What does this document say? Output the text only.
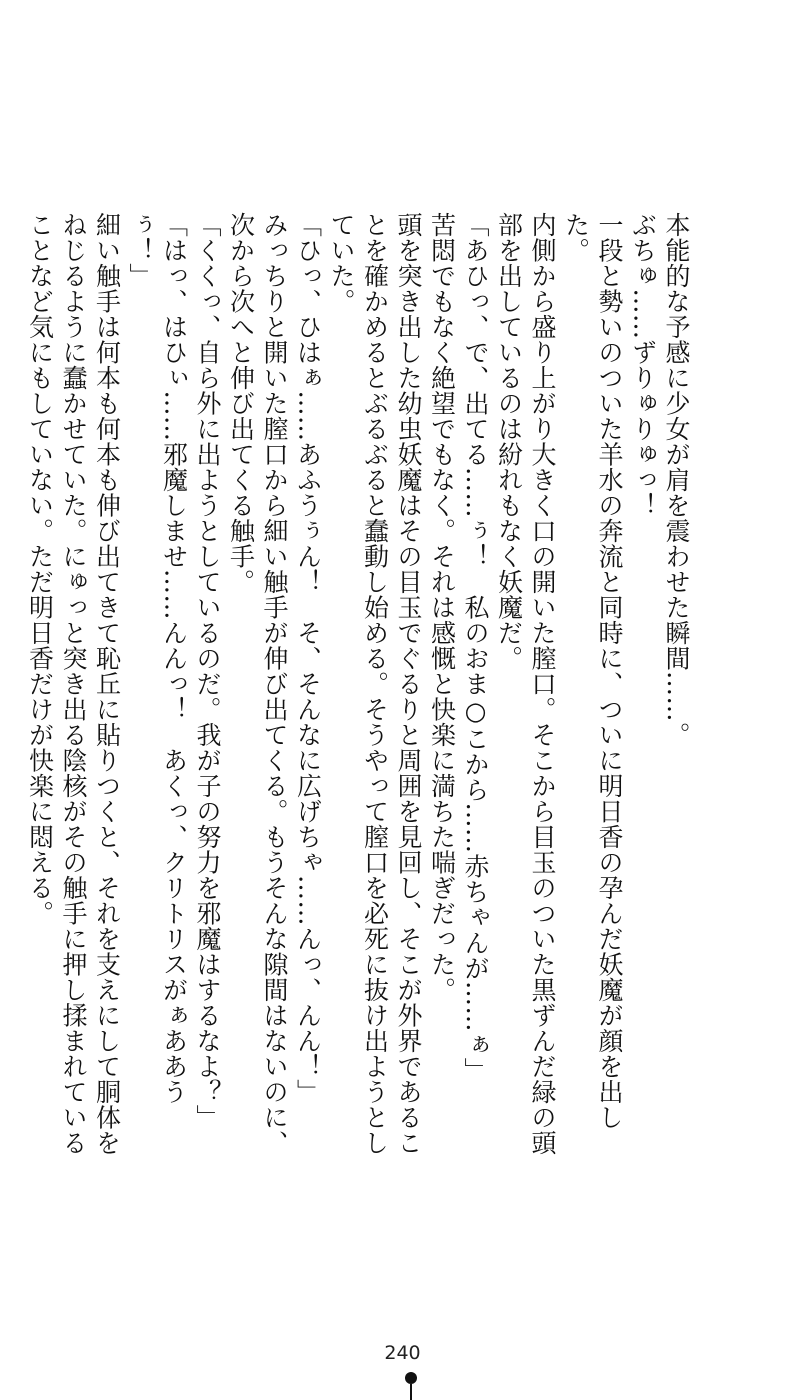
本能的な予感に少女が肩を震わせた瞬間……。
ぶちゅ……ずりゅりゅっ！
一段と勢いのついた羊水の奔流と同時に、ついに明日香の孕んだ妖魔が顔を出した。
内側から盛り上がり大きく口の開いた膣口。そこから目玉のついた黒ずんだ緑の頭部を出しているのは紛れもなく妖魔だ。
「あひっ、で、出てる……ぅ！　私のおま○こから……赤ちゃんが……ぁ」
苦悶でもなく絶望でもなく。それは感慨と快楽に満ちた喘ぎだった。
頭を突き出した幼虫妖魔はその目玉でぐるりと周囲を見回し、そこが外界であることを確かめるとぶるぶると蠢動し始める。そうやって膣口を必死に抜け出ようとしていた。
「ひっ、ひはぁ……あふうぅん！　そ、そんなに広げちゃ……んっ、んん！」
みっちりと開いた膣口から細い触手が伸び出てくる。もうそんな隙間はないのに、次から次へと伸び出てくる触手。
「くくっ、自ら外に出ようとしているのだ。我が子の努力を邪魔はするなよ？」
「はっ、はひぃ……邪魔しませ……んんっ！　あくっ、クリトリスがぁああうぅ！」
細い触手は何本も何本も伸び出てきて恥丘に貼りつくと、それを支えにして胴体をねじるように蠢かせていた。にゅっと突き出る陰核がその触手に押し揉まれていることなど気にもしていない。ただ明日香だけが快楽に悶える。
240
